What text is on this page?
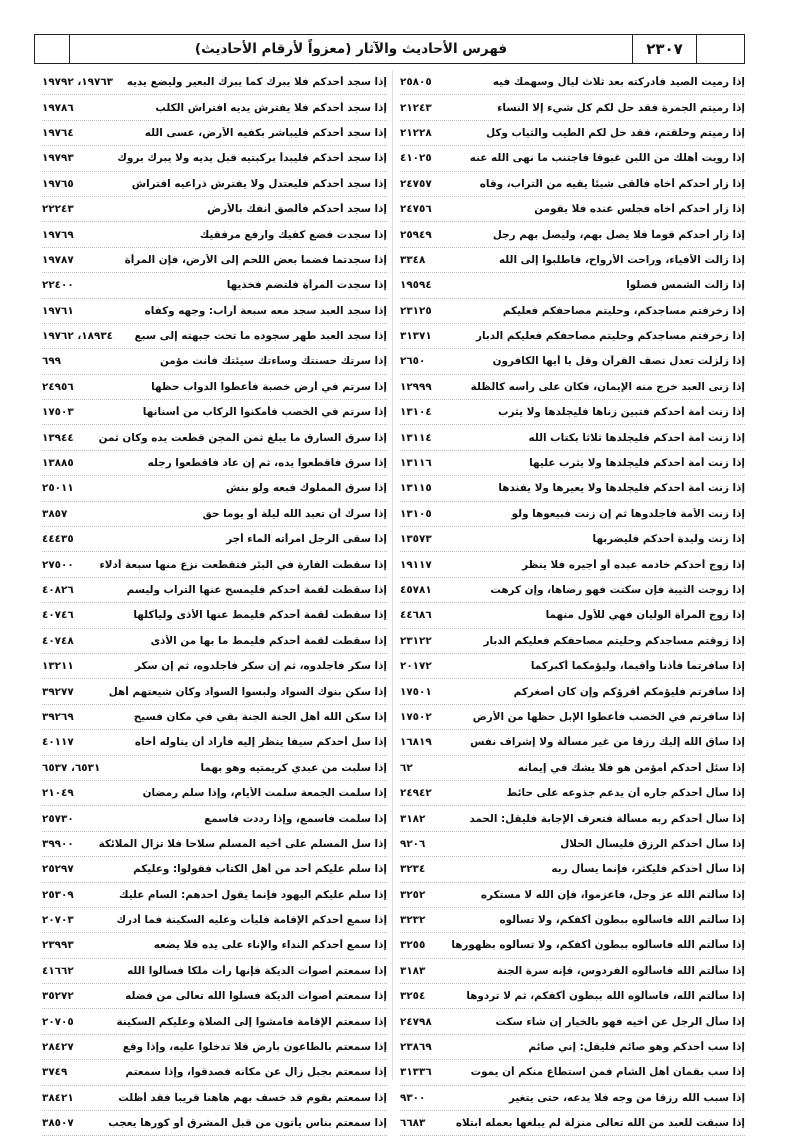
٢٣٠٧
فهرس الأحاديث والآثار (معزواً لأرقام الأحاديث)
إذا رميت الصيد فأدركته بعد ثلاث ليال وسهمك فيه
٢٥٨٠٥
إذا رميتم الجمرة فقد حل لكم كل شيء إلا النساء
٢١٢٤٣
إذا رميتم وحلقتم، فقد حل لكم الطيب والثياب وكل
٢١٢٢٨
إذا رويت أهلك من اللبن غبوقا فاجتنب ما نهى الله عنه
٤١٠٢٥
إذا زار أحدكم أخاه فألقى شيئاً يقيه من التراب، وقاه
٢٤٧٥٧
إذا زار أحدكم أخاه فجلس عنده فلا يقومن
٢٤٧٥٦
إذا زار أحدكم قوماً فلا يصل بهم، وليصل بهم رجل
٢٥٩٤٩
إذا زالت الأفياء، وراحت الأرواح، فاطلبوا إلى الله
٣٣٤٨
إذا زالت الشمس فصلوا
١٩٥٩٤
إذا زخرفتم مساجدكم، وحليتم مصاحفكم فعليكم
٢٣١٢٥
إذا زخرفتم مساجدكم وحليتم مصاحفكم فعليكم الدبار
٣١٣٧١
إذا زلزلت تعدل نصف القرآن وقل يا أيها الكافرون
٢٦٥٠
إذا زنى العبد خرج منه الإيمان، فكان على رأسه كالظلة
١٢٩٩٩
إذا زنت أمة أحدكم فتبين زناها فليجلدها ولا يثرب
١٣١٠٤
إذا زنت أمة أحدكم فليجلدها ثلاثاً بكتاب الله
١٣١١٤
إذا زنت أمة أحدكم فليجلدها ولا يثرب عليها
١٣١١٦
إذا زنت أمة أحدكم فليجلدها ولا يعيرها ولا يفندها
١٣١١٥
إذا زنت الأمة فاجلدوها ثم إن زنت فبيعوها ولو
١٣١٠٥
إذا زنت وليدة أحدكم فليضربها
١٣٥٧٣
إذا زوج أحدكم خادمه عبده أو أجيره فلا ينظر
١٩١١٧
إذا زوجت الثيبة فإن سكتت فهو رضاها، وإن كرهت
٤٥٧٨١
إذا زوج المرأة الوليان فهي للأول منهما
٤٤٦٨٦
إذا زوقتم مساجدكم وحليتم مصاحفكم فعليكم الدبار
٢٣١٢٢
إذا سافرتما فأذنا وأقيما، وليؤمكما أكبركما
٢٠١٧٢
إذا سافرتم فليؤمكم أقرؤكم وإن كان أصغركم
١٧٥٠١
إذا سافرتم في الخصب فأعطوا الإبل حظها من الأرض
١٧٥٠٢
إذا ساق الله إليك رزقا من غير مسألة ولا إشراف نفس
١٦٨١٩
إذا سئل أحدكم أمؤمن هو فلا يشك في إيمانه
٦٢
إذا سأل أحدكم جاره أن يدعم جذوعه على حائط
٢٤٩٤٢
إذا سأل أحدكم ربه مسألة فتعرف الإجابة فليقل: الحمد
٣١٨٢
إذا سأل أحدكم الرزق فليسأل الحلال
٩٢٠٦
إذا سأل أحدكم فليكثر، فإنما يسأل ربه
٣٢٣٤
إذا سألتم الله عز وجل، فاعزموا، فإن الله لا مستكره
٣٢٥٢
إذا سألتم الله فاسألوه ببطون أكفكم، ولا تسألوه
٣٢٣٢
إذا سألتم الله فاسألوه ببطون أكفكم، ولا تسألوه بظهورها
٣٢٥٥
إذا سألتم الله فاسألوه الفردوس، فإنه سرة الجنة
٣١٨٣
إذا سألتم الله، فاسألوه الله ببطون أكفكم، ثم لا تردوها
٣٢٥٤
إذا سأل الرجل عن أخيه فهو بالخيار إن شاء سكت
٢٤٧٩٨
إذا سب أحدكم وهو صائم فليقل: إني صائم
٢٣٨٦٩
إذا سب بقمان أهل الشام فمن استطاع منكم أن يموت
٣١٣٣٦
إذا سبب الله رزقا من وجه فلا يدعه، حتى يتغير
٩٣٠٠
إذا سبقت للعبد من الله تعالى منزلة لم يبلغها بعمله ابتلاه
٦٦٨٣
إذا سجد أحدكم فلا يبرك كما يبرك البعير وليضع يديه
١٩٧٦٣، ١٩٧٩٢
إذا سجد أحدكم فلا يفترش يديه افتراش الكلب
١٩٧٨٦
إذا سجد أحدكم فليباشر بكفيه الأرض، عسى الله
١٩٧٦٤
إذا سجد أحدكم فليبدأ بركبتيه قبل يديه ولا يبرك بروك
١٩٧٩٣
إذا سجد أحدكم فليعتدل ولا يفترش ذراعيه افتراش
١٩٧٦٥
إذا سجد أحدكم فألصق أنفك بالأرض
٢٢٢٤٣
إذا سجدت فضع كفيك وارفع مرفقيك
١٩٧٦٩
إذا سجدتما فضما بعض اللحم إلى الأرض، فإن المرأة
١٩٧٨٧
إذا سجدت المرأة فلتضم فخذيها
٢٢٤٠٠
إذا سجد العبد سجد معه سبعة آراب: وجهه وكفاه
١٩٧٦١
إذا سجد العبد طهر سجوده ما تحت جبهته إلى سبع
١٨٩٣٤، ١٩٧٦٢
إذا سرتك حسنتك وساءتك سيئتك فأنت مؤمن
٦٩٩
إذا سرتم في أرض خصبة فأعطوا الدواب حظها
٢٤٩٥٦
إذا سرتم في الخصب فأمكنوا الركاب من أسنانها
١٧٥٠٣
إذا سرق السارق ما يبلغ ثمن المجن قطعت يده وكان ثمن
١٣٩٤٤
إذا سرق فاقطعوا يده، ثم إن عاد فاقطعوا رجله
١٣٨٨٥
إذا سرق المملوك فبعه ولو بنش
٢٥٠١١
إذا سرك أن تعبد الله ليلة أو يوما حق
٣٨٥٧
إذا سقى الرجل امرأته الماء أجر
٤٤٤٣٥
إذا سقطت الفارة في البئر فتقطعت نزع منها سبعة أدلاء
٢٧٥٠٠
إذا سقطت لقمة أحدكم فليمسح عنها التراب وليسم
٤٠٨٢٦
إذا سقطت لقمة أحدكم فليمط عنها الأذى وليأكلها
٤٠٧٤٦
إذا سقطت لقمة أحدكم فليمط ما بها من الأذى
٤٠٧٤٨
إذا سكر فاجلدوه، ثم إن سكر فاجلدوه، ثم إن سكر
١٣٢١١
إذا سكن بنوك السواد ولبسوا السواد وكان شيعتهم أهل
٣٩٢٧٧
إذا سكن الله أهل الجنة الجنة بقي في مكان فسيح
٣٩٢٦٩
إذا سل أحدكم سيفا ينظر إليه فأراد أن يناوله أخاه
٤٠١١٧
إذا سلبت من عبدي كريمتيه وهو بهما
٦٥٣١، ٦٥٣٧
إذا سلمت الجمعة سلمت الأيام، وإذا سلم رمضان
٢١٠٤٩
إذا سلمت فاسمع، وإذا رددت فاسمع
٢٥٧٣٠
إذا سل المسلم على أخيه المسلم سلاحا فلا تزال الملائكة
٣٩٩٠٠
إذا سلم عليكم أحد من أهل الكتاب فقولوا: وعليكم
٢٥٢٩٧
إذا سلم عليكم اليهود فإنما يقول أحدهم: السام عليك
٢٥٣٠٩
إذا سمع أحدكم الإقامة فليأت وعليه السكينة فما أدرك
٢٠٧٠٣
إذا سمع أحدكم النداء والإناء على يده فلا يضعه
٢٣٩٩٣
إذا سمعتم أصوات الديكة فإنها رأت ملكا فسألوا الله
٤١٦٦٢
إذا سمعتم أصوات الديكة فسلوا الله تعالى من فضله
٣٥٢٧٢
إذا سمعتم الإقامة فامشوا إلى الصلاة وعليكم السكينة
٢٠٧٠٥
إذا سمعتم بالطاعون بأرض فلا تدخلوا عليه، وإذا وقع
٢٨٤٢٧
إذا سمعتم بجبل زال عن مكانه فصدقوا، وإذا سمعتم
٣٧٤٩
إذا سمعتم بقوم قد خسف بهم هاهنا قريباً فقد أظلت
٣٨٤٢١
إذا سمعتم بناس يأتون من قبل المشرق أو كورها يعجب
٣٨٥٠٧
